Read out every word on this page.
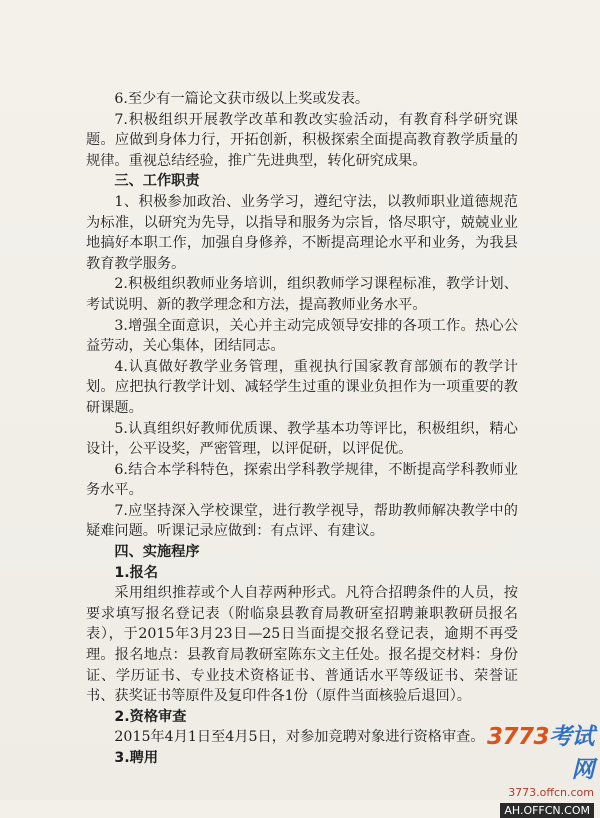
6.至少有一篇论文获市级以上奖或发表。

7.积极组织开展教学改革和教改实验活动，有教育科学研究课题。应做到身体力行，开拓创新，积极探索全面提高教育教学质量的规律。重视总结经验，推广先进典型，转化研究成果。

三、工作职责

1、积极参加政治、业务学习，遵纪守法，以教师职业道德规范为标准，以研究为先导，以指导和服务为宗旨，恪尽职守，兢兢业业地搞好本职工作，加强自身修养，不断提高理论水平和业务，为我县教育教学服务。

2.积极组织教师业务培训，组织教师学习课程标准，教学计划、考试说明、新的教学理念和方法，提高教师业务水平。

3.增强全面意识，关心并主动完成领导安排的各项工作。热心公益劳动，关心集体，团结同志。

4.认真做好教学业务管理，重视执行国家教育部颁布的教学计划。应把执行教学计划、减轻学生过重的课业负担作为一项重要的教研课题。

5.认真组织好教师优质课、教学基本功等评比，积极组织，精心设计，公平设奖，严密管理，以评促研，以评促优。

6.结合本学科特色，探索出学科教学规律，不断提高学科教师业务水平。

7.应坚持深入学校课堂，进行教学视导，帮助教师解决教学中的疑难问题。听课记录应做到：有点评、有建议。

四、实施程序

1.报名

采用组织推荐或个人自荐两种形式。凡符合招聘条件的人员，按要求填写报名登记表（附临泉县教育局教研室招聘兼职教研员报名表），于2015年3月23日—25日当面提交报名登记表，逾期不再受理。报名地点：县教育局教研室陈东文主任处。报名提交材料：身份证、学历证书、专业技术资格证书、普通话水平等级证书、荣誉证书、获奖证书等原件及复印件各1份（原件当面核验后退回）。

2.资格审查

2015年4月1日至4月5日，对参加竞聘对象进行资格审查。

3.聘用

3773考试网
3773.offcn.com
AH.OFFCN.COM
